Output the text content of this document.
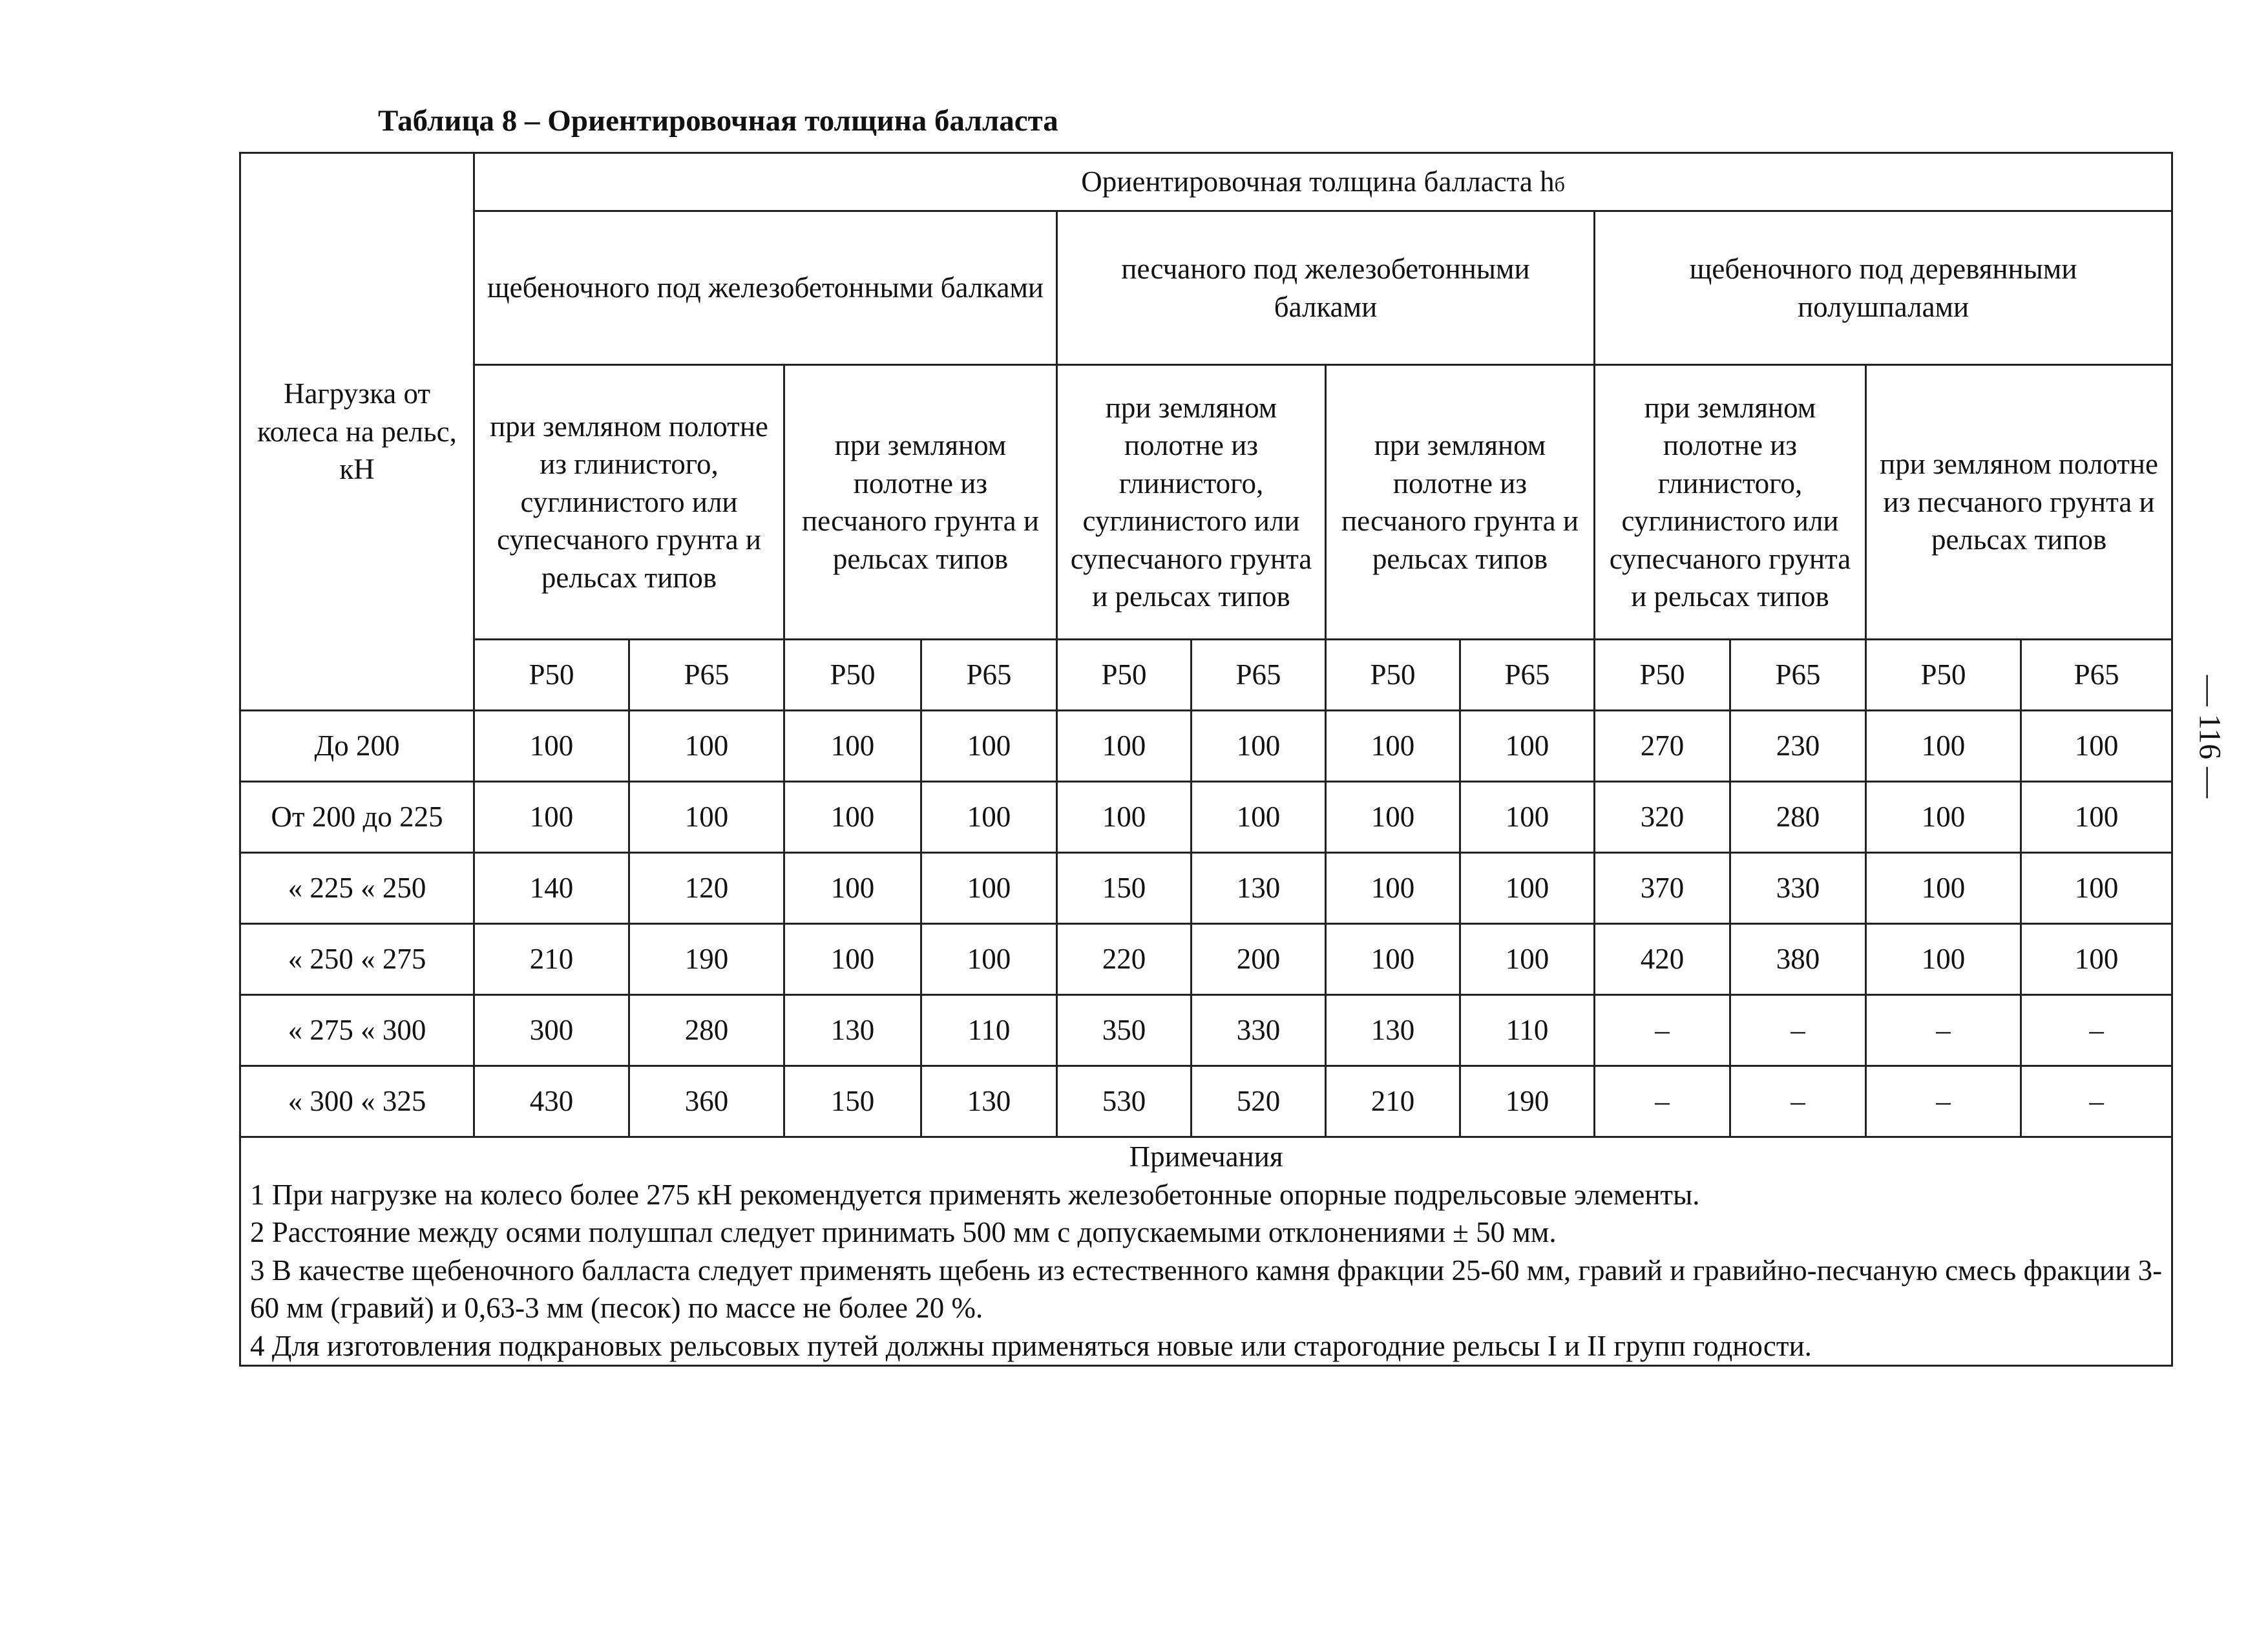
Таблица 8 – Ориентировочная толщина балласта
Нагрузка от колеса на рельс, кН	Ориентировочная толщина балласта hб											
	щебеночного под железобетонными балками				песчаного под железобетонными балками				щебеночного под деревянными полушпалами			
	при земляном полотне из глинистого, суглинистого или супесчаного грунта и рельсах типов		при земляном полотне из песчаного грунта и рельсах типов		при земляном полотне из глинистого, суглинистого или супесчаного грунта и рельсах типов		при земляном полотне из песчаного грунта и рельсах типов		при земляном полотне из глинистого, суглинистого или супесчаного грунта и рельсах типов		при земляном полотне из песчаного грунта и рельсах типов	
	Р50	Р65	Р50	Р65	Р50	Р65	Р50	Р65	Р50	Р65	Р50	Р65
До 200	100	100	100	100	100	100	100	100	270	230	100	100
От 200 до 225	100	100	100	100	100	100	100	100	320	280	100	100
« 225 « 250	140	120	100	100	150	130	100	100	370	330	100	100
« 250 « 275	210	190	100	100	220	200	100	100	420	380	100	100
« 275 « 300	300	280	130	110	350	330	130	110	–	–	–	–
« 300 « 325	430	360	150	130	530	520	210	190	–	–	–	–

Примечания
1 При нагрузке на колесо более 275 кН рекомендуется применять железобетонные опорные подрельсовые элементы.
2 Расстояние между осями полушпал следует принимать 500 мм с допускаемыми отклонениями ± 50 мм.
3 В качестве щебеночного балласта следует применять щебень из естественного камня фракции 25-60 мм, гравий и гравийно-песчаную смесь фракции 3-60 мм (гравий) и 0,63-3 мм (песок) по массе не более 20 %.
4 Для изготовления подкрановых рельсовых путей должны применяться новые или старогодние рельсы I и II групп годности.												
— 116 —
